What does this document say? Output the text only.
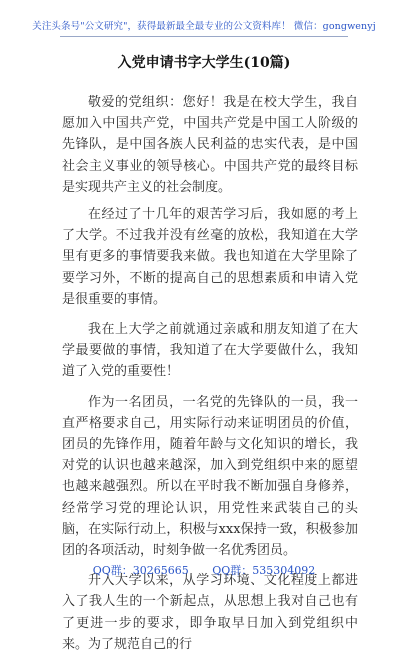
关注头条号"公文研究"，获得最新最全最专业的公文资料库！ 微信：gongwenyj
入党申请书字大学生(10篇)

敬爱的党组织：您好！我是在校大学生，我自愿加入中国共产党，中国共产党是中国工人阶级的先锋队，是中国各族人民利益的忠实代表，是中国社会主义事业的领导核心。中国共产党的最终目标是实现共产主义的社会制度。

在经过了十几年的艰苦学习后，我如愿的考上了大学。不过我并没有丝毫的放松，我知道在大学里有更多的事情要我来做。我也知道在大学里除了要学习外，不断的提高自己的思想素质和申请入党是很重要的事情。

我在上大学之前就通过亲戚和朋友知道了在大学最要做的事情，我知道了在大学要做什么，我知道了入党的重要性！

作为一名团员，一名党的先锋队的一员，我一直严格要求自己，用实际行动来证明团员的价值，团员的先锋作用，随着年龄与文化知识的增长，我对党的认识也越来越深，加入到党组织中来的愿望也越来越强烈。所以在平时我不断加强自身修养，经常学习党的理论认识，用党性来武装自己的头脑，在实际行动上，积极与xxx保持一致，积极参加团的各项活动，时刻争做一名优秀团员。

升入大学以来，从学习环境、文化程度上都进入了我人生的一个新起点，从思想上我对自己也有了更进一步的要求，即争取早日加入到党组织中来。为了规范自己的行

QQ群：30265665 QQ群：535304092
